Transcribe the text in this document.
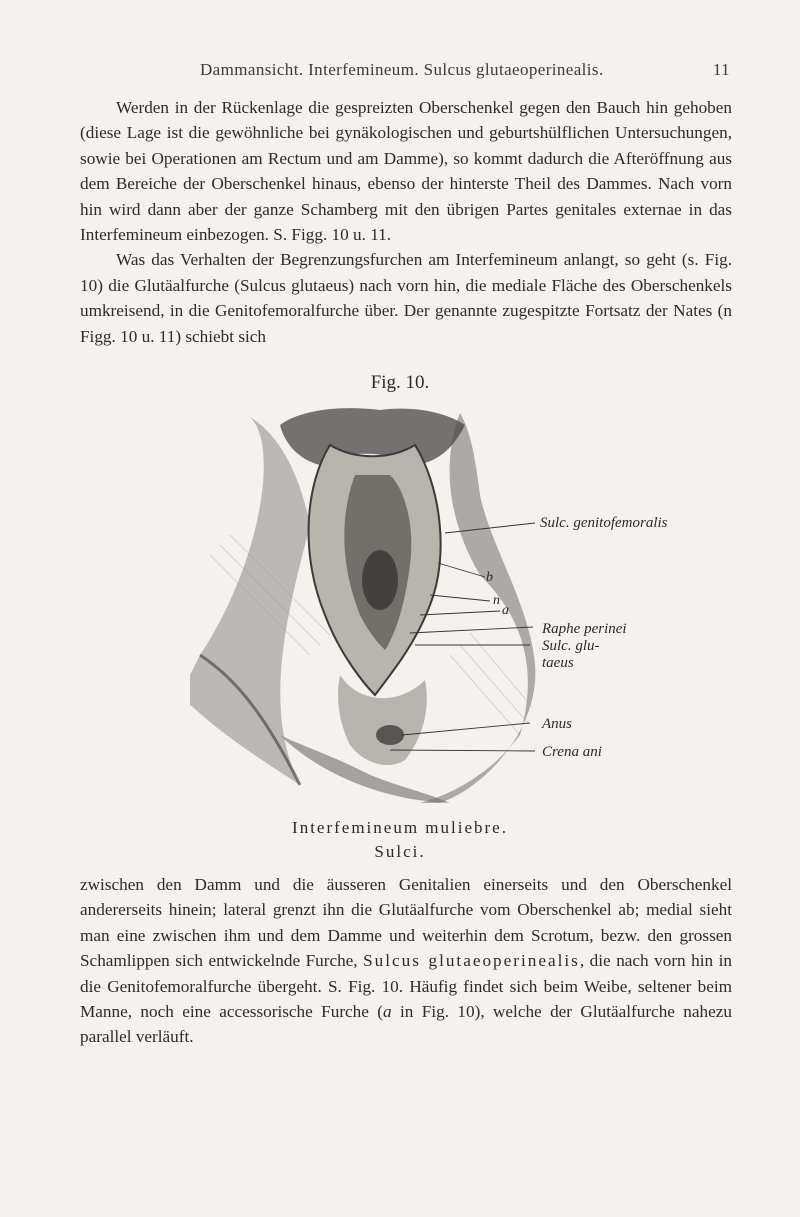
Dammansicht. Interfemineum. Sulcus glutaeoperinealis.	11

Werden in der Rückenlage die gespreizten Oberschenkel gegen den Bauch hin gehoben (diese Lage ist die gewöhnliche bei gynäkologischen und geburtshülflichen Untersuchungen, sowie bei Operationen am Rectum und am Damme), so kommt dadurch die Afteröffnung aus dem Bereiche der Oberschenkel hinaus, ebenso der hinterste Theil des Dammes. Nach vorn hin wird dann aber der ganze Schamberg mit den übrigen Partes genitales externae in das Interfemineum einbezogen. S. Figg. 10 u. 11.

Was das Verhalten der Begrenzungsfurchen am Interfemineum anlangt, so geht (s. Fig. 10) die Glutäalfurche (Sulcus glutaeus) nach vorn hin, die mediale Fläche des Oberschenkels umkreisend, in die Genitofemoralfurche über. Der genannte zugespitzte Fortsatz der Nates (n Figg. 10 u. 11) schiebt sich

Fig. 10.
Sulc. genitofemoralis
b
n
a
Raphe perinei
Sulc. glu-
taeus
Anus
Crena ani
Interfemineum muliebre.
Sulci.

zwischen den Damm und die äusseren Genitalien einerseits und den Oberschenkel andererseits hinein; lateral grenzt ihn die Glutäalfurche vom Oberschenkel ab; medial sieht man eine zwischen ihm und dem Damme und weiterhin dem Scrotum, bezw. den grossen Schamlippen sich entwickelnde Furche, Sulcus glutaeoperinealis, die nach vorn hin in die Genitofemoralfurche übergeht. S. Fig. 10. Häufig findet sich beim Weibe, seltener beim Manne, noch eine accessorische Furche (a in Fig. 10), welche der Glutäalfurche nahezu parallel verläuft.
